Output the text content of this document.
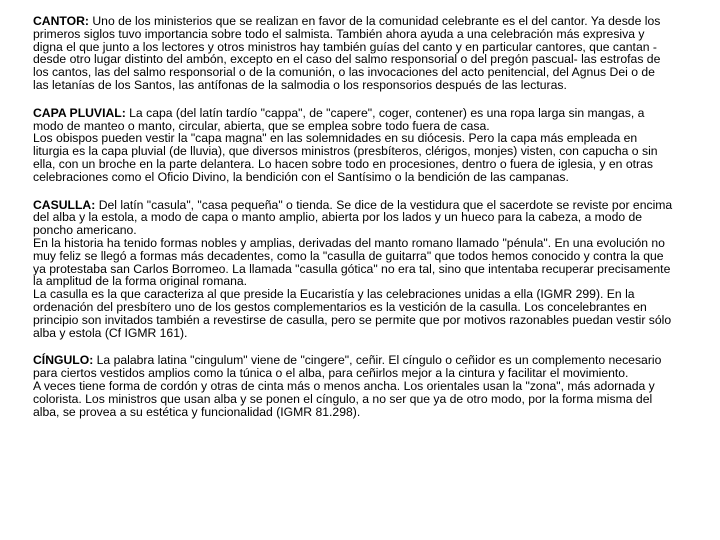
CANTOR: Uno de los ministerios que se realizan en favor de la comunidad celebrante es el del cantor. Ya desde los primeros siglos tuvo importancia sobre todo el salmista. También ahora ayuda a una celebración más expresiva y digna el que junto a los lectores y otros ministros hay también guías del canto y en particular cantores, que cantan -desde otro lugar distinto del ambón, excepto en el caso del salmo responsorial o del pregón pascual- las estrofas de los cantos, las del salmo responsorial o de la comunión, o las invocaciones del acto penitencial, del Agnus Dei o de las letanías de los Santos, las antífonas de la salmodia o los responsorios después de las lecturas.

CAPA PLUVIAL: La capa (del latín tardío "cappa", de "capere", coger, contener) es una ropa larga sin mangas, a modo de manteo o manto, circular, abierta, que se emplea sobre todo fuera de casa.

Los obispos pueden vestir la "capa magna" en las solemnidades en su diócesis. Pero la capa más empleada en liturgia es la capa pluvial (de lluvia), que diversos ministros (presbíteros, clérigos, monjes) visten, con capucha o sin ella, con un broche en la parte delantera. Lo hacen sobre todo en procesiones, dentro o fuera de iglesia, y en otras celebraciones como el Oficio Divino, la bendición con el Santísimo o la bendición de las campanas.

CASULLA: Del latín "casula", "casa pequeña" o tienda. Se dice de la vestidura que el sacerdote se reviste por encima del alba y la estola, a modo de capa o manto amplio, abierta por los lados y un hueco para la cabeza, a modo de poncho americano.

En la historia ha tenido formas nobles y amplias, derivadas del manto romano llamado "pénula". En una evolución no muy feliz se llegó a formas más decadentes, como la "casulla de guitarra" que todos hemos conocido y contra la que ya protestaba san Carlos Borromeo. La llamada "casulla gótica" no era tal, sino que intentaba recuperar precisamente la amplitud de la forma original romana.

La casulla es la que caracteriza al que preside la Eucaristía y las celebraciones unidas a ella (IGMR 299). En la ordenación del presbítero uno de los gestos complementarios es la vestición de la casulla. Los concelebrantes en principio son invitados también a revestirse de casulla, pero se permite que por motivos razonables puedan vestir sólo alba y estola (Cf IGMR 161).

CÍNGULO: La palabra latina "cingulum" viene de "cingere", ceñir. El cíngulo o ceñidor es un complemento necesario para ciertos vestidos amplios como la túnica o el alba, para ceñirlos mejor a la cintura y facilitar el movimiento.

A veces tiene forma de cordón y otras de cinta más o menos ancha. Los orientales usan la "zona", más adornada y colorista. Los ministros que usan alba y se ponen el cíngulo, a no ser que ya de otro modo, por la forma misma del alba, se provea a su estética y funcionalidad (IGMR 81.298).
